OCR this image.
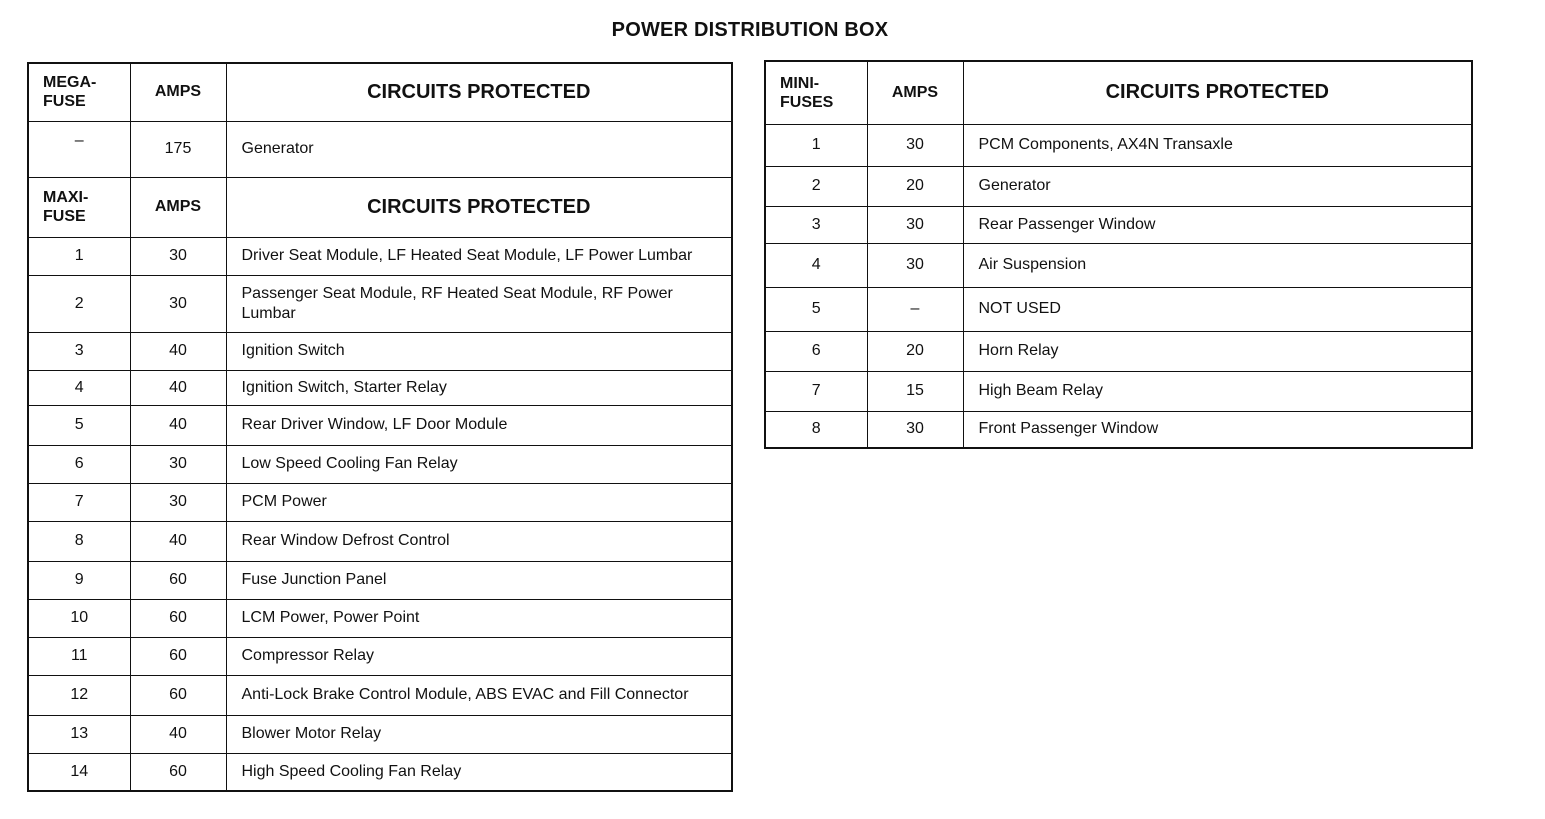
POWER DISTRIBUTION BOX
MEGA-FUSE	AMPS	CIRCUITS PROTECTED
–	175	Generator
MAXI-FUSE	AMPS	CIRCUITS PROTECTED
1	30	Driver Seat Module, LF Heated Seat Module, LF Power Lumbar
2	30	Passenger Seat Module, RF Heated Seat Module, RF Power Lumbar
3	40	Ignition Switch
4	40	Ignition Switch, Starter Relay
5	40	Rear Driver Window, LF Door Module
6	30	Low Speed Cooling Fan Relay
7	30	PCM Power
8	40	Rear Window Defrost Control
9	60	Fuse Junction Panel
10	60	LCM Power, Power Point
11	60	Compressor Relay
12	60	Anti-Lock Brake Control Module, ABS EVAC and Fill Connector
13	40	Blower Motor Relay
14	60	High Speed Cooling Fan Relay
MINI-FUSES	AMPS	CIRCUITS PROTECTED
1	30	PCM Components, AX4N Transaxle
2	20	Generator
3	30	Rear Passenger Window
4	30	Air Suspension
5	–	NOT USED
6	20	Horn Relay
7	15	High Beam Relay
8	30	Front Passenger Window
